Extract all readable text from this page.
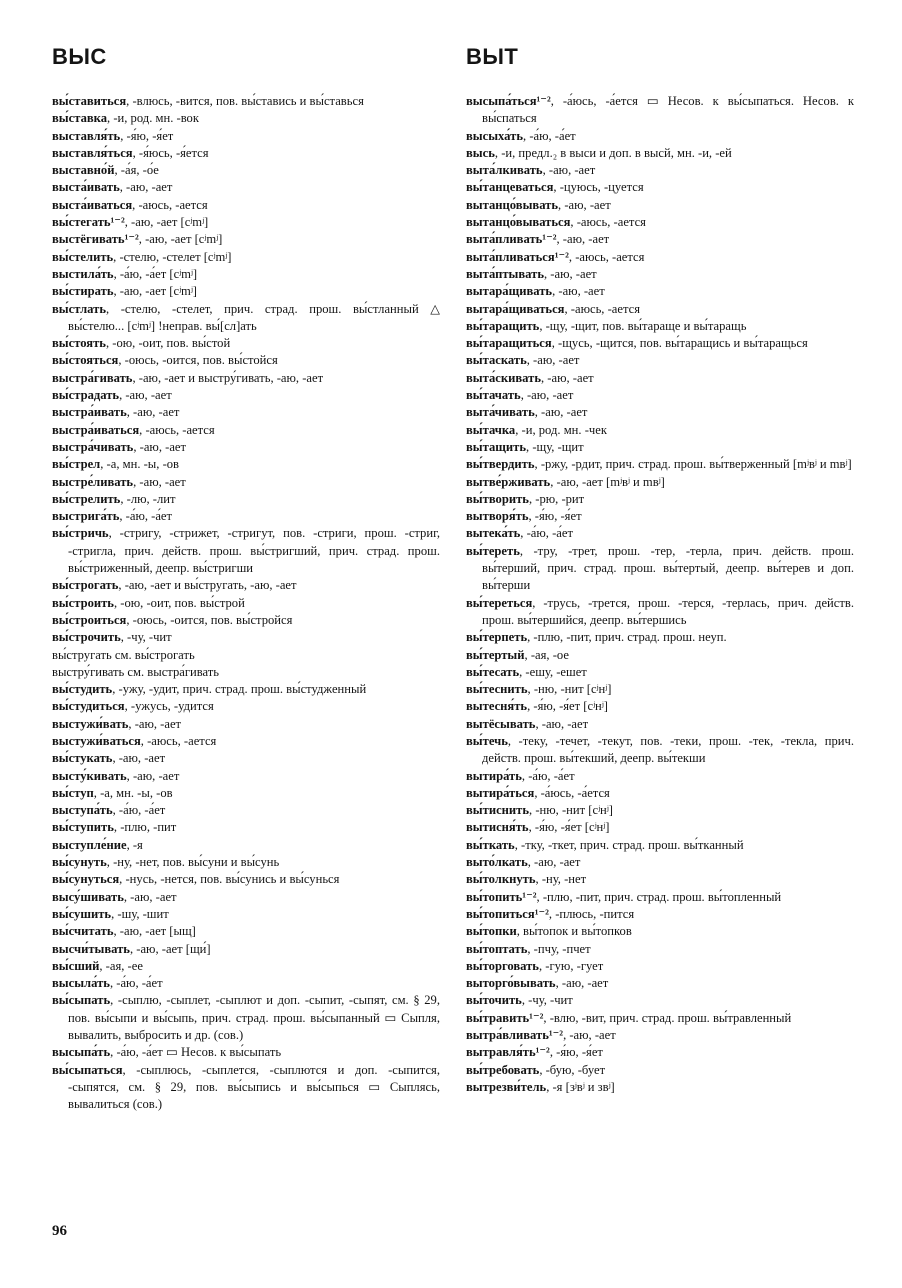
ВЫС	ВЫТ

вы́ставиться, -влюсь, -вится, пов. вы́ставись и вы́ставься

вы́ставка, -и, род. мн. -вок

выставля́ть, -я́ю, -я́ет

выставля́ться, -я́юсь, -я́ется

выставно́й, -а́я, -о́е

выста́ивать, -аю, -ает

выста́иваться, -аюсь, -ается

вы́стегать¹⁻², -аю, -ает [cʲmʲ]

выстёгивать¹⁻², -аю, -ает [cʲmʲ]

вы́стелить, -стелю, -стелет [cʲmʲ]

выстила́ть, -а́ю, -а́ет [cʲmʲ]

вы́стирать, -аю, -ает [cʲmʲ]

вы́стлать, -стелю, -стелет, прич. страд. прош. вы́стланный △ вы́стелю... [cʲmʲ] !неправ. вы́[сл]ать

вы́стоять, -ою, -оит, пов. вы́стой

вы́стояться, -оюсь, -оится, пов. вы́стойся

выстра́гивать, -аю, -ает и выстру́гивать, -аю, -ает

вы́страдать, -аю, -ает

выстра́ивать, -аю, -ает

выстра́иваться, -аюсь, -ается

выстра́чивать, -аю, -ает

вы́стрел, -а, мн. -ы, -ов

выстре́ливать, -аю, -ает

вы́стрелить, -лю, -лит

выстрига́ть, -а́ю, -а́ет

вы́стричь, -стригу, -стрижет, -стригут, пов. -стриги, прош. -стриг, -стригла, прич. действ. прош. вы́стригший, прич. страд. прош. вы́стриженный, деепр. вы́стригши

вы́строгать, -аю, -ает и вы́стругать, -аю, -ает

вы́строить, -ою, -оит, пов. вы́строй

вы́строиться, -оюсь, -оится, пов. вы́стройся

вы́строчить, -чу, -чит

вы́стругать см. вы́строгать

выстру́гивать см. выстра́гивать

вы́студить, -ужу, -удит, прич. страд. прош. вы́студженный

вы́студиться, -ужусь, -удится

выстужи́вать, -аю, -ает

выстужи́ваться, -аюсь, -ается

вы́стукать, -аю, -ает

высту́кивать, -аю, -ает

вы́ступ, -а, мн. -ы, -ов

выступа́ть, -а́ю, -а́ет

вы́ступить, -плю, -пит

выступле́ние, -я

вы́сунуть, -ну, -нет, пов. вы́суни и вы́сунь

вы́сунуться, -нусь, -нется, пов. вы́сунись и вы́сунься

высу́шивать, -аю, -ает

вы́сушить, -шу, -шит

вы́считать, -аю, -ает [ыщ]

высчи́тывать, -аю, -ает [щи́]

вы́сший, -ая, -ее

высыла́ть, -а́ю, -а́ет

вы́сыпать, -сыплю, -сыплет, -сыплют и доп. -сыпит, -сыпят, см. § 29, пов. вы́сыпи и вы́сыпь, прич. страд. прош. вы́сыпанный ▭ Сыпля, вывалить, выбросить и др. (сов.)

высыпа́ть, -а́ю, -а́ет ▭ Несов. к вы́сыпать

вы́сыпаться, -сыплюсь, -сыплется, -сыплются и доп. -сыпится, -сыпятся, см. § 29, пов. вы́сыпись и вы́сыпься ▭ Сыплясь, вывалиться (сов.)

высыпа́ться¹⁻², -а́юсь, -а́ется ▭ Несов. к вы́сыпаться. Несов. к вы́спаться

высыха́ть, -а́ю, -а́ет

высь, -и, предл.₂ в выси и доп. в высй, мн. -и, -ей

выта́лкивать, -аю, -ает

вы́танцеваться, -цуюсь, -цуется

вытанцо́вывать, -аю, -ает

вытанцо́вываться, -аюсь, -ается

выта́пливать¹⁻², -аю, -ает

выта́пливаться¹⁻², -аюсь, -ается

выта́птывать, -аю, -ает

вытара́щивать, -аю, -ает

вытара́щиваться, -аюсь, -ается

вы́таращить, -щу, -щит, пов. вы́тараще и вы́таращь

вы́таращиться, -щусь, -щится, пов. вы́таращись и вы́таращься

вы́таскать, -аю, -ает

выта́скивать, -аю, -ает

вы́тачать, -аю, -ает

выта́чивать, -аю, -ает

вы́тачка, -и, род. мн. -чек

вы́тащить, -щу, -щит

вы́твердить, -ржу, -рдит, прич. страд. прош. вы́тверженный [mʲвʲ и mвʲ]

вытве́рживать, -аю, -ает [mʲвʲ и mвʲ]

вы́творить, -рю, -рит

вытворя́ть, -я́ю, -я́ет

вытека́ть, -а́ю, -а́ет

вы́тереть, -тру, -трет, прош. -тер, -терла, прич. действ. прош. вы́терший, прич. страд. прош. вы́тертый, деепр. вы́терев и доп. вы́терши

вы́тереться, -трусь, -трется, прош. -терся, -терлась, прич. действ. прош. вы́тершийся, деепр. вы́тершись

вы́терпеть, -плю, -пит, прич. страд. прош. неуп.

вы́тертый, -ая, -ое

вы́тесать, -ешу, -ешет

вы́теснить, -ню, -нит [cʲнʲ]

вытесня́ть, -я́ю, -я́ет [cʲнʲ]

вытёсывать, -аю, -ает

вы́течь, -теку, -течет, -текут, пов. -теки, прош. -тек, -текла, прич. действ. прош. вы́текший, деепр. вы́текши

вытира́ть, -а́ю, -а́ет

вытира́ться, -а́юсь, -а́ется

вы́тиснить, -ню, -нит [cʲнʲ]

вытисня́ть, -я́ю, -я́ет [cʲнʲ]

вы́ткать, -тку, -ткет, прич. страд. прош. вы́тканный

выто́лкать, -аю, -ает

вы́толкнуть, -ну, -нет

вы́топить¹⁻², -плю, -пит, прич. страд. прош. вы́топленный

вы́топиться¹⁻², -плюсь, -пится

вы́топки, вы́топок и вы́топков

вы́топтать, -пчу, -пчет

вы́торговать, -гую, -гует

выторго́вывать, -аю, -ает

вы́точить, -чу, -чит

вы́травить¹⁻², -влю, -вит, прич. страд. прош. вы́травленный

вытра́вливать¹⁻², -аю, -ает

вытравля́ть¹⁻², -я́ю, -я́ет

вы́требовать, -бую, -бует

вытрезви́тель, -я [зʲвʲ и звʲ]

96
